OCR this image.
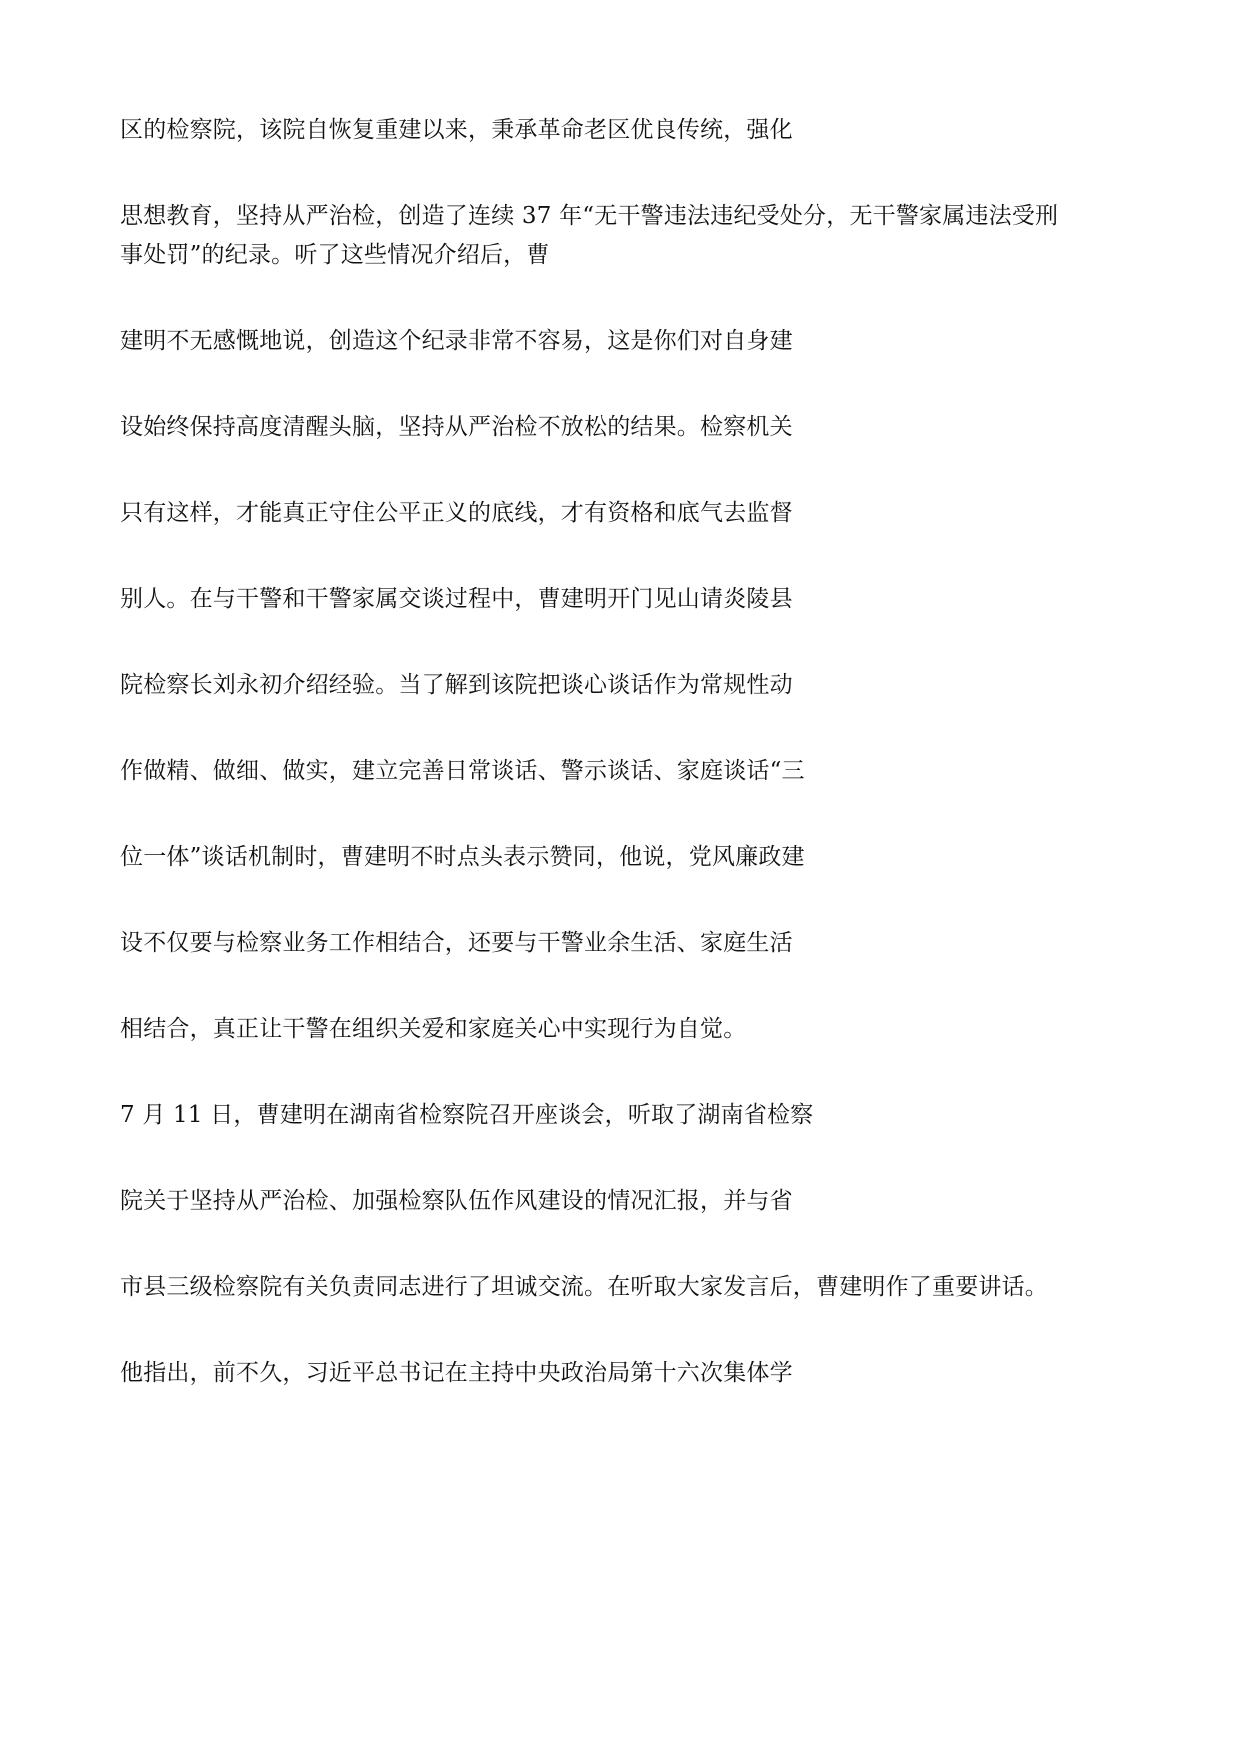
区的检察院，该院自恢复重建以来，秉承革命老区优良传统，强化

思想教育，坚持从严治检，创造了连续 37 年“无干警违法违纪受处分，无干警家属违法受刑

事处罚”的纪录。听了这些情况介绍后，曹

建明不无感慨地说，创造这个纪录非常不容易，这是你们对自身建

设始终保持高度清醒头脑，坚持从严治检不放松的结果。检察机关

只有这样，才能真正守住公平正义的底线，才有资格和底气去监督

别人。在与干警和干警家属交谈过程中，曹建明开门见山请炎陵县

院检察长刘永初介绍经验。当了解到该院把谈心谈话作为常规性动

作做精、做细、做实，建立完善日常谈话、警示谈话、家庭谈话“三

位一体”谈话机制时，曹建明不时点头表示赞同，他说，党风廉政建

设不仅要与检察业务工作相结合，还要与干警业余生活、家庭生活

相结合，真正让干警在组织关爱和家庭关心中实现行为自觉。

7 月 11 日，曹建明在湖南省检察院召开座谈会，听取了湖南省检察

院关于坚持从严治检、加强检察队伍作风建设的情况汇报，并与省

市县三级检察院有关负责同志进行了坦诚交流。在听取大家发言后，曹建明作了重要讲话。

他指出，前不久，习近平总书记在主持中央政治局第十六次集体学
